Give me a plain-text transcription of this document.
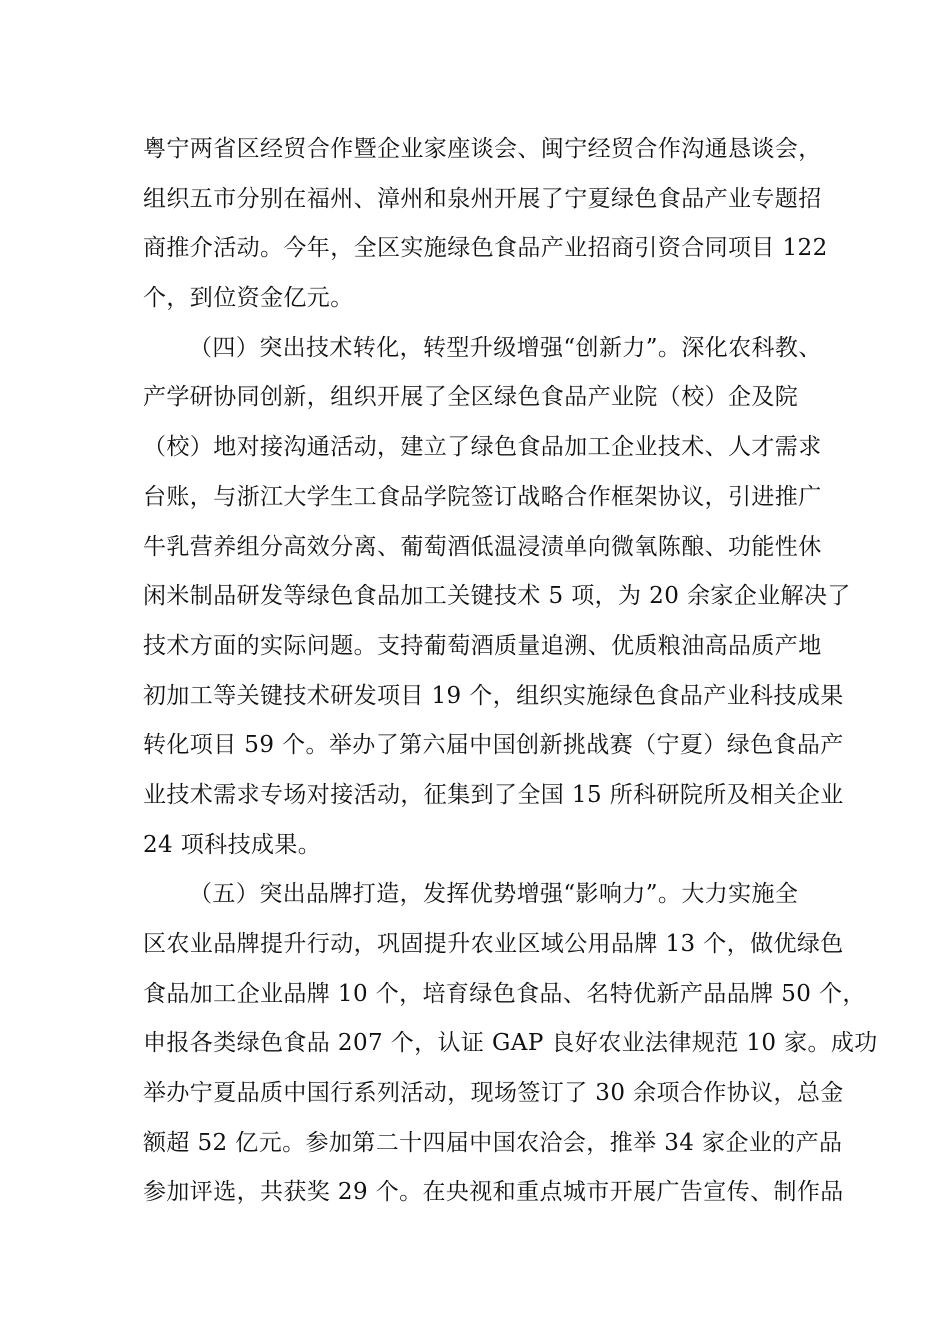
粤宁两省区经贸合作暨企业家座谈会、闽宁经贸合作沟通恳谈会，
组织五市分别在福州、漳州和泉州开展了宁夏绿色食品产业专题招
商推介活动。今年，全区实施绿色食品产业招商引资合同项目 122
个，到位资金亿元。
（四）突出技术转化，转型升级增强“创新力”。深化农科教、
产学研协同创新，组织开展了全区绿色食品产业院（校）企及院
（校）地对接沟通活动，建立了绿色食品加工企业技术、人才需求
台账，与浙江大学生工食品学院签订战略合作框架协议，引进推广
牛乳营养组分高效分离、葡萄酒低温浸渍单向微氧陈酿、功能性休
闲米制品研发等绿色食品加工关键技术 5 项，为 20 余家企业解决了
技术方面的实际问题。支持葡萄酒质量追溯、优质粮油高品质产地
初加工等关键技术研发项目 19 个，组织实施绿色食品产业科技成果
转化项目 59 个。举办了第六届中国创新挑战赛（宁夏）绿色食品产
业技术需求专场对接活动，征集到了全国 15 所科研院所及相关企业
24 项科技成果。
（五）突出品牌打造，发挥优势增强“影响力”。大力实施全
区农业品牌提升行动，巩固提升农业区域公用品牌 13 个，做优绿色
食品加工企业品牌 10 个，培育绿色食品、名特优新产品品牌 50 个，
申报各类绿色食品 207 个，认证 GAP 良好农业法律规范 10 家。成功
举办宁夏品质中国行系列活动，现场签订了 30 余项合作协议，总金
额超 52 亿元。参加第二十四届中国农洽会，推举 34 家企业的产品
参加评选，共获奖 29 个。在央视和重点城市开展广告宣传、制作品
